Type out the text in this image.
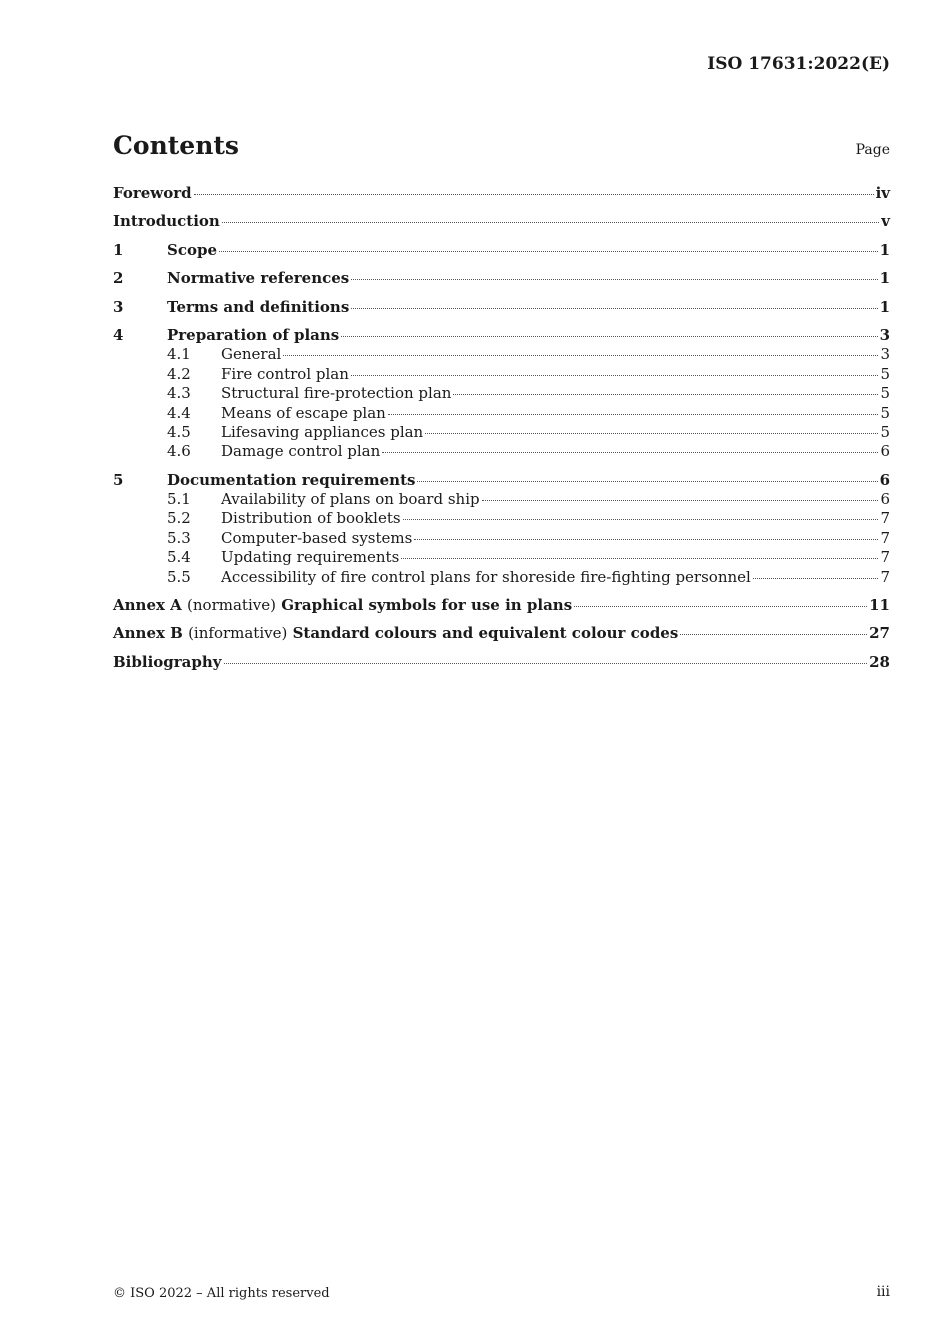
ISO 17631:2022(E)
Contents	Page
Foreword	iv
Introduction	v
1	Scope	1
2	Normative references	1
3	Terms and definitions	1
4	Preparation of plans	3
4.1	General	3
4.2	Fire control plan	5
4.3	Structural fire-protection plan	5
4.4	Means of escape plan	5
4.5	Lifesaving appliances plan	5
4.6	Damage control plan	6
5	Documentation requirements	6
5.1	Availability of plans on board ship	6
5.2	Distribution of booklets	7
5.3	Computer-based systems	7
5.4	Updating requirements	7
5.5	Accessibility of fire control plans for shoreside fire-fighting personnel	7
Annex A (normative) Graphical symbols for use in plans	11
Annex B (informative) Standard colours and equivalent colour codes	27
Bibliography	28
© ISO 2022 – All rights reserved	iii
